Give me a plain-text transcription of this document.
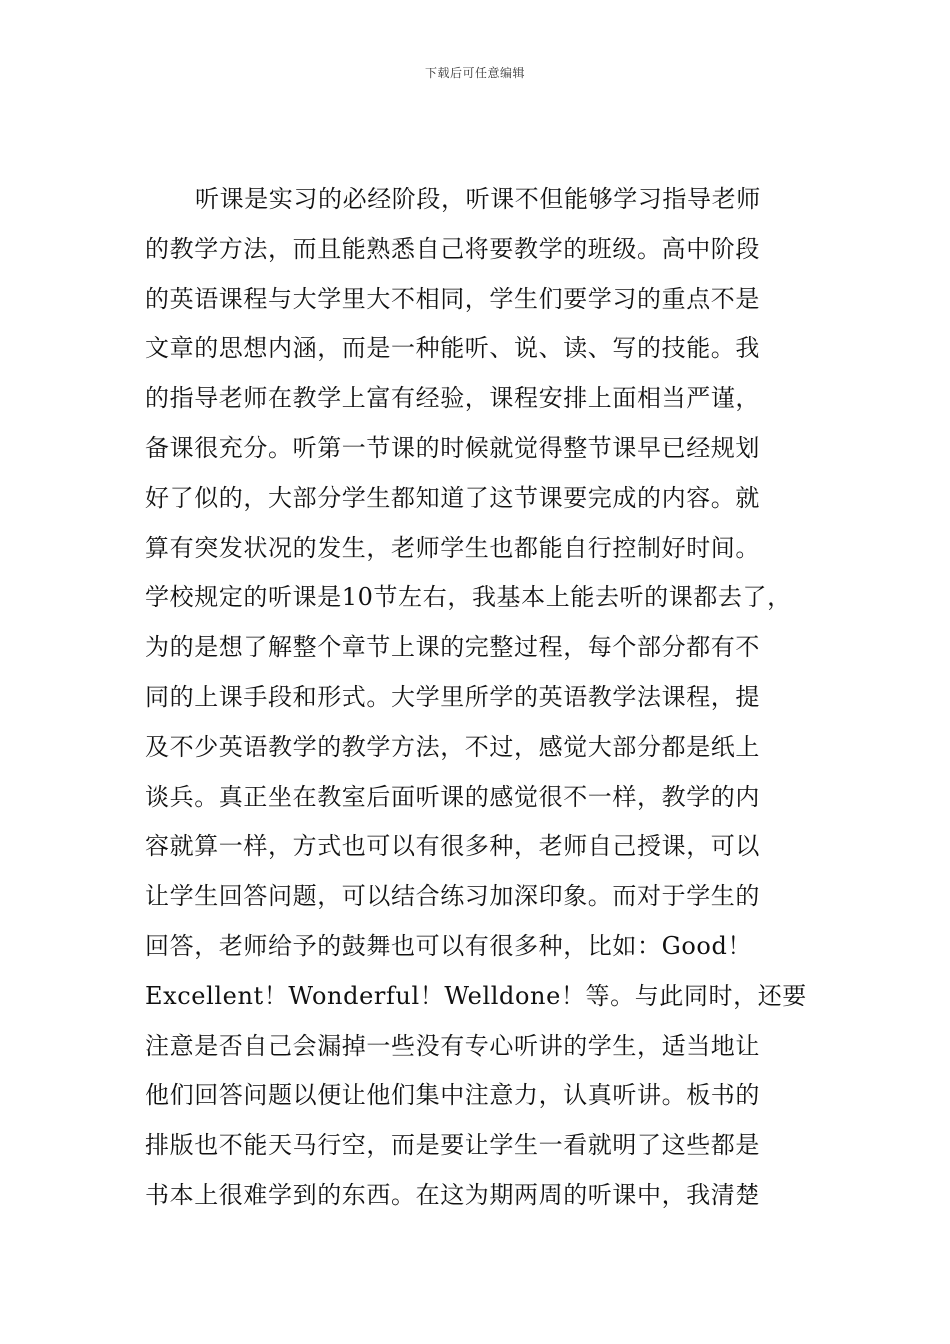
下载后可任意编辑
听课是实习的必经阶段，听课不但能够学习指导老师
的教学方法，而且能熟悉自己将要教学的班级。高中阶段
的英语课程与大学里大不相同，学生们要学习的重点不是
文章的思想内涵，而是一种能听、说、读、写的技能。我
的指导老师在教学上富有经验，课程安排上面相当严谨，
备课很充分。听第一节课的时候就觉得整节课早已经规划
好了似的，大部分学生都知道了这节课要完成的内容。就
算有突发状况的发生，老师学生也都能自行控制好时间。
学校规定的听课是10节左右，我基本上能去听的课都去了，
为的是想了解整个章节上课的完整过程，每个部分都有不
同的上课手段和形式。大学里所学的英语教学法课程，提
及不少英语教学的教学方法，不过，感觉大部分都是纸上
谈兵。真正坐在教室后面听课的感觉很不一样，教学的内
容就算一样，方式也可以有很多种，老师自己授课，可以
让学生回答问题，可以结合练习加深印象。而对于学生的
回答，老师给予的鼓舞也可以有很多种，比如：Good！
Excellent！Wonderful！Welldone！等。与此同时，还要
注意是否自己会漏掉一些没有专心听讲的学生，适当地让
他们回答问题以便让他们集中注意力，认真听讲。板书的
排版也不能天马行空，而是要让学生一看就明了这些都是
书本上很难学到的东西。在这为期两周的听课中，我清楚
